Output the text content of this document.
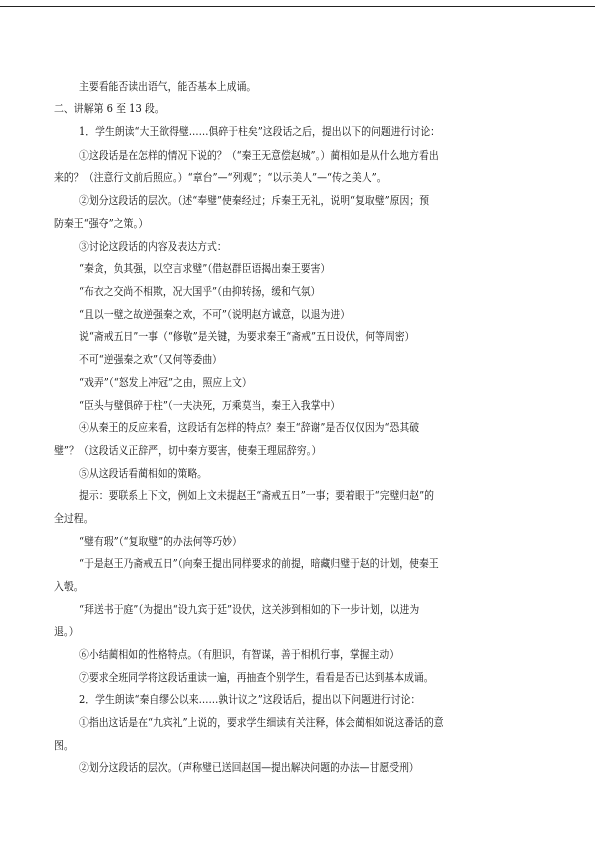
主要看能否读出语气，能否基本上成诵。
二、讲解第 6 至 13 段。
1．学生朗读“大王欲得璧……俱碎于柱矣”这段话之后，提出以下的问题进行讨论：
①这段话是在怎样的情况下说的？（“秦王无意偿赵城”。）蔺相如是从什么地方看出
来的？（注意行文前后照应。）“章台”—“列观”；“以示美人”—“传之美人”。
②划分这段话的层次。（述“奉璧”使秦经过；斥秦王无礼，说明“复取璧”原因；预
防秦王“强夺”之策。）
③讨论这段话的内容及表达方式：
“秦贪，负其强，以空言求璧”（借赵群臣语揭出秦王要害）
“布衣之交尚不相欺，况大国乎”（由抑转扬，缓和气氛）
“且以一璧之故逆强秦之欢，不可”（说明赵方诚意，以退为进）
说“斋戒五日”一事（“修敬”是关键，为要求秦王“斋戒”五日设伏，何等周密）
不可“逆强秦之欢”（又何等委曲）
“戏弄”（“怒发上冲冠”之由，照应上文）
“臣头与璧俱碎于柱”（一夫决死，万乘莫当，秦王入我掌中）
④从秦王的反应来看，这段话有怎样的特点？秦王“辞谢”是否仅仅因为“恐其破
璧”？（这段话义正辞严，切中秦方要害，使秦王理屈辞穷。）
⑤从这段话看蔺相如的策略。
提示：要联系上下文，例如上文未提赵王“斋戒五日”一事；要着眼于“完璧归赵”的
全过程。
“璧有瑕”（“复取璧”的办法何等巧妙）
“于是赵王乃斋戒五日”（向秦王提出同样要求的前提，暗藏归璧于赵的计划，使秦王
入彀。
“拜送书于庭”（为提出“设九宾于廷”设伏，这关涉到相如的下一步计划，以进为
退。）
⑥小结蔺相如的性格特点。（有胆识，有智谋，善于相机行事，掌握主动）
⑦要求全班同学将这段话重读一遍，再抽查个别学生，看看是否已达到基本成诵。
2．学生朗读“秦自缪公以来……孰计议之”这段话后，提出以下问题进行讨论：
①指出这话是在“九宾礼”上说的，要求学生细读有关注释，体会蔺相如说这番话的意
图。
②划分这段话的层次。（声称璧已送回赵国—提出解决问题的办法—甘愿受刑）
